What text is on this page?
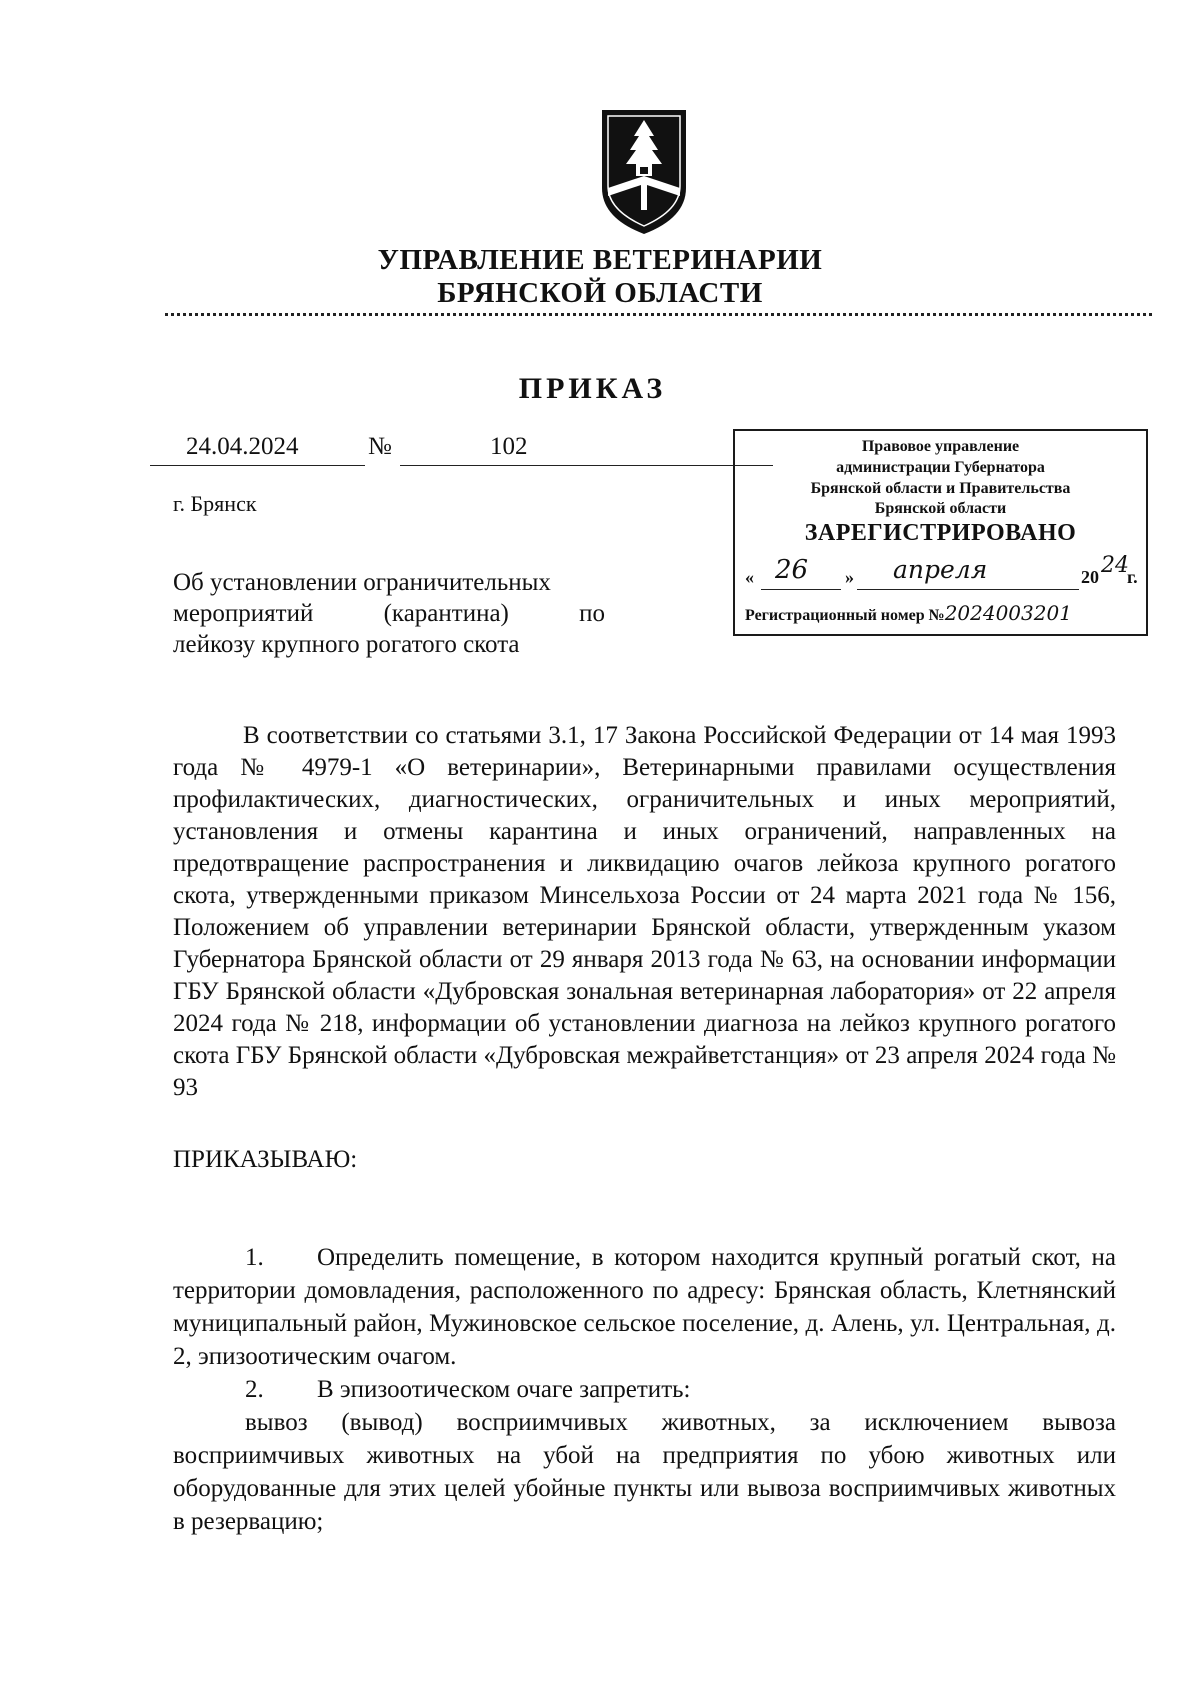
УПРАВЛЕНИЕ ВЕТЕРИНАРИИ
БРЯНСКОЙ ОБЛАСТИ
ПРИКАЗ
24.04.2024	№	102
г. Брянск
Об установлении ограничительных
мероприятий (карантина) по
лейкозу крупного рогатого скота
Правовое управление
администрации Губернатора
Брянской области и Правительства
Брянской области
ЗАРЕГИСТРИРОВАНО
« 26 » апреля	20 24
г.
Регистрационный номер №2024003201
В соответствии со статьями 3.1, 17 Закона Российской Федерации от 14 мая 1993 года № 4979-1 «О ветеринарии», Ветеринарными правилами осуществления профилактических, диагностических, ограничительных и иных мероприятий, установления и отмены карантина и иных ограничений, направленных на предотвращение распространения и ликвидацию очагов лейкоза крупного рогатого скота, утвержденными приказом Минсельхоза России от 24 марта 2021 года № 156, Положением об управлении ветеринарии Брянской области, утвержденным указом Губернатора Брянской области от 29 января 2013 года № 63, на основании информации ГБУ Брянской области «Дубровская зональная ветеринарная лаборатория» от 22 апреля 2024 года № 218, информации об установлении диагноза на лейкоз крупного рогатого скота ГБУ Брянской области «Дубровская межрайветстанция» от 23 апреля 2024 года № 93
ПРИКАЗЫВАЮ:

1. Определить помещение, в котором находится крупный рогатый скот, на территории домовладения, расположенного по адресу: Брянская область, Клетнянский муниципальный район, Мужиновское сельское поселение, д. Алень, ул. Центральная, д. 2, эпизоотическим очагом.

2. В эпизоотическом очаге запретить:

вывоз (вывод) восприимчивых животных, за исключением вывоза восприимчивых животных на убой на предприятия по убою животных или оборудованные для этих целей убойные пункты или вывоза восприимчивых животных в резервацию;
